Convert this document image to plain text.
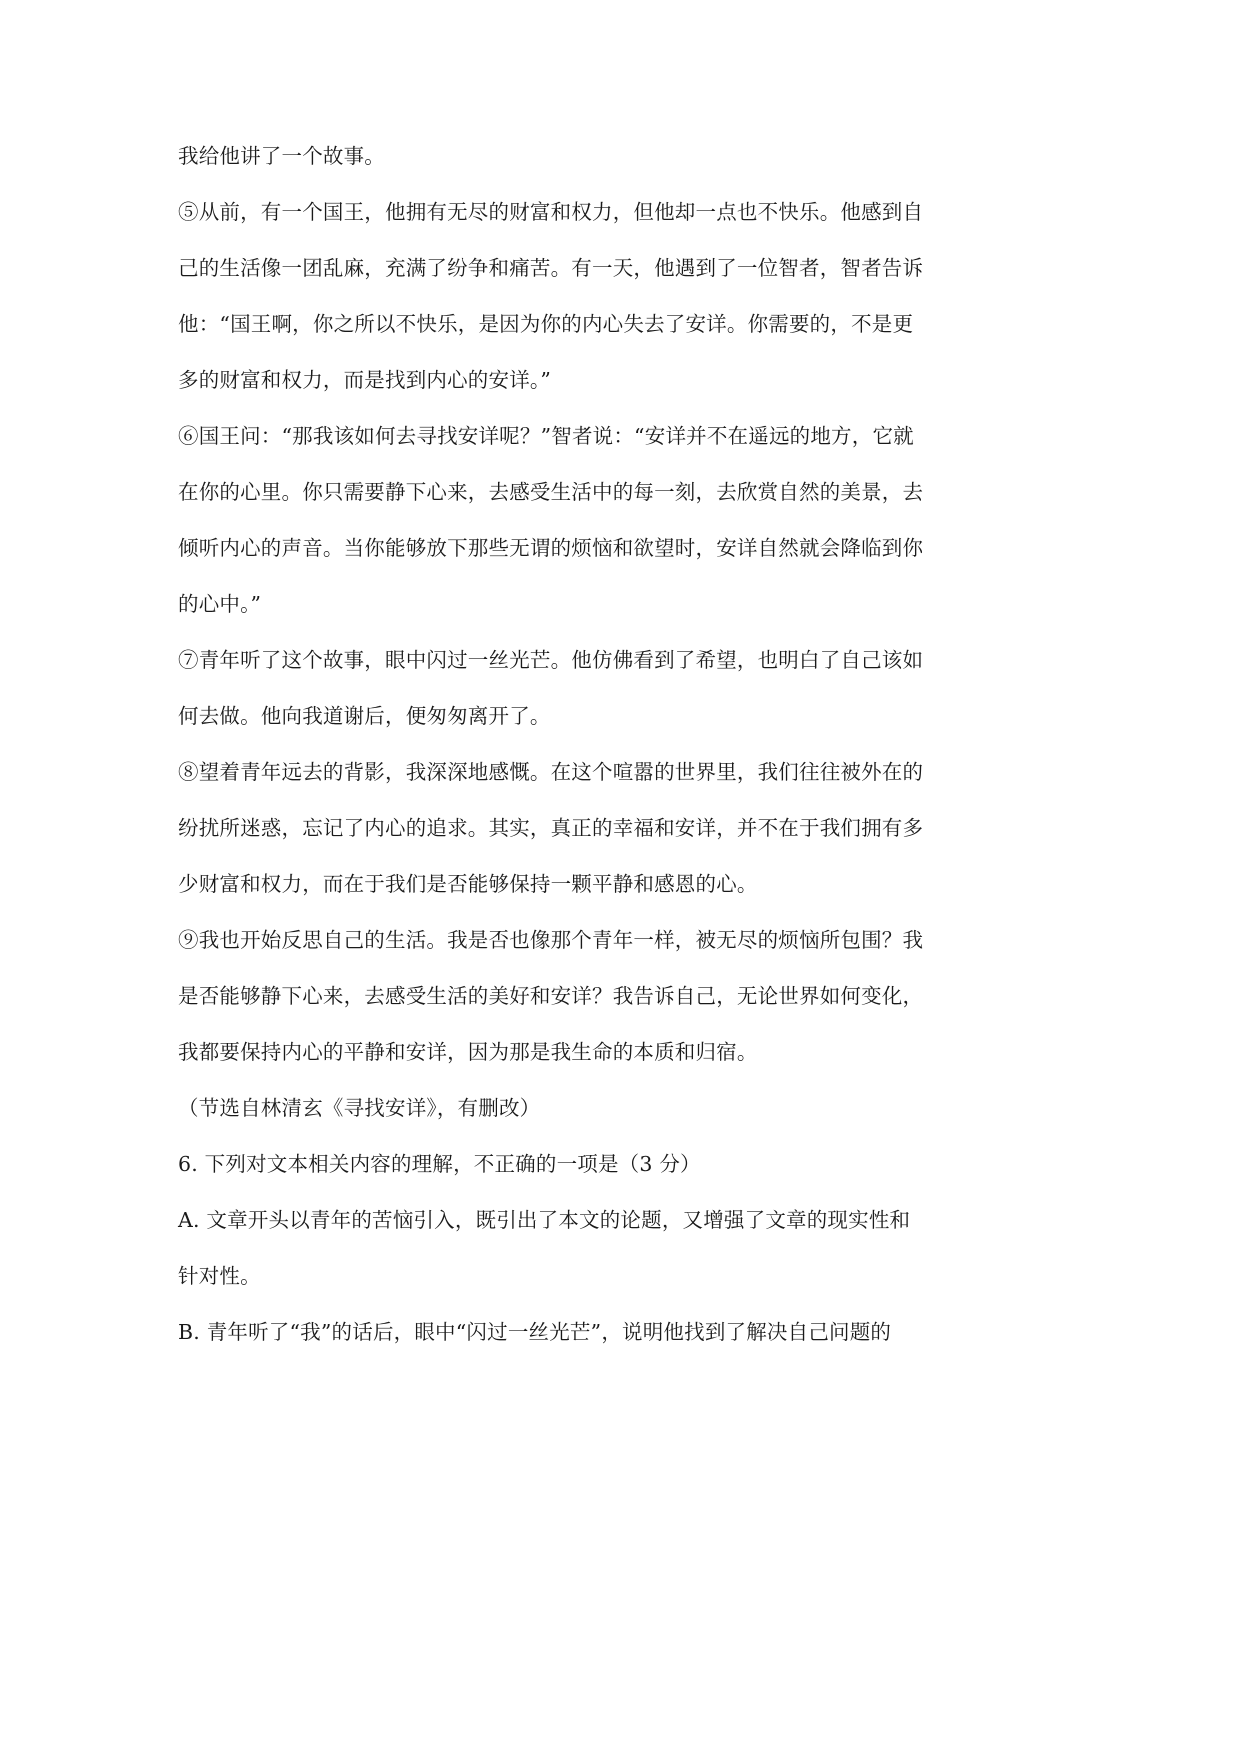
我给他讲了一个故事。
⑤从前，有一个国王，他拥有无尽的财富和权力，但他却一点也不快乐。他感到自
己的生活像一团乱麻，充满了纷争和痛苦。有一天，他遇到了一位智者，智者告诉
他：“国王啊，你之所以不快乐，是因为你的内心失去了安详。你需要的，不是更
多的财富和权力，而是找到内心的安详。”
⑥国王问：“那我该如何去寻找安详呢？”智者说：“安详并不在遥远的地方，它就
在你的心里。你只需要静下心来，去感受生活中的每一刻，去欣赏自然的美景，去
倾听内心的声音。当你能够放下那些无谓的烦恼和欲望时，安详自然就会降临到你
的心中。”
⑦青年听了这个故事，眼中闪过一丝光芒。他仿佛看到了希望，也明白了自己该如
何去做。他向我道谢后，便匆匆离开了。
⑧望着青年远去的背影，我深深地感慨。在这个喧嚣的世界里，我们往往被外在的
纷扰所迷惑，忘记了内心的追求。其实，真正的幸福和安详，并不在于我们拥有多
少财富和权力，而在于我们是否能够保持一颗平静和感恩的心。
⑨我也开始反思自己的生活。我是否也像那个青年一样，被无尽的烦恼所包围？我
是否能够静下心来，去感受生活的美好和安详？我告诉自己，无论世界如何变化，
我都要保持内心的平静和安详，因为那是我生命的本质和归宿。
（节选自林清玄《寻找安详》，有删改）
6. 下列对文本相关内容的理解，不正确的一项是（3 分）
A. 文章开头以青年的苦恼引入，既引出了本文的论题，又增强了文章的现实性和
针对性。
B. 青年听了“我”的话后，眼中“闪过一丝光芒”，说明他找到了解决自己问题的
